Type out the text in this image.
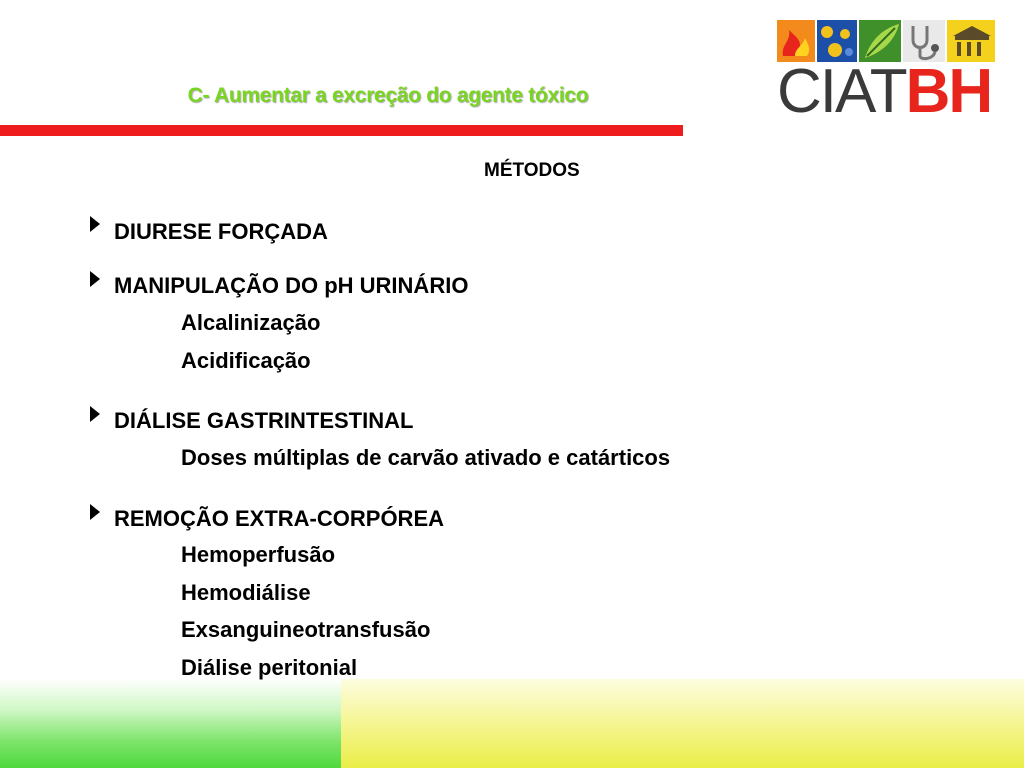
C- Aumentar a excreção do agente tóxico	CIATBH
MÉTODOS
DIURESE FORÇADA
MANIPULAÇÃO DO pH URINÁRIO
Alcalinização
Acidificação
DIÁLISE GASTRINTESTINAL
Doses múltiplas de carvão ativado e catárticos
REMOÇÃO EXTRA-CORPÓREA
Hemoperfusão
Hemodiálise
Exsanguineotransfusão
Diálise peritonial
